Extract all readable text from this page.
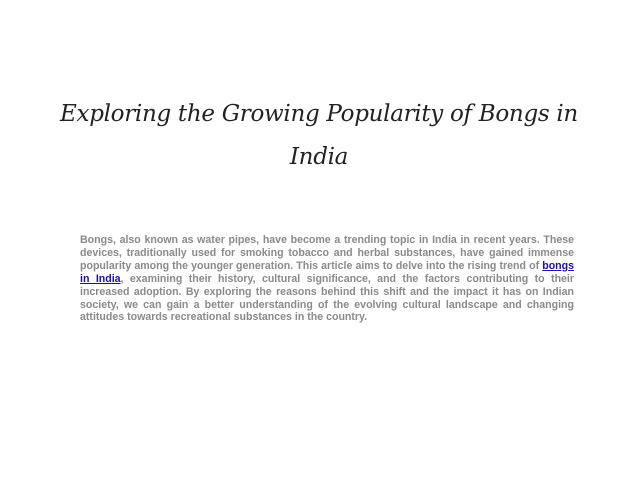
Exploring the Growing Popularity of Bongs in India

Bongs, also known as water pipes, have become a trending topic in India in recent years. These devices, traditionally used for smoking tobacco and herbal substances, have gained immense popularity among the younger generation. This article aims to delve into the rising trend of bongs in India, examining their history, cultural significance, and the factors contributing to their increased adoption. By exploring the reasons behind this shift and the impact it has on Indian society, we can gain a better understanding of the evolving cultural landscape and changing attitudes towards recreational substances in the country.
